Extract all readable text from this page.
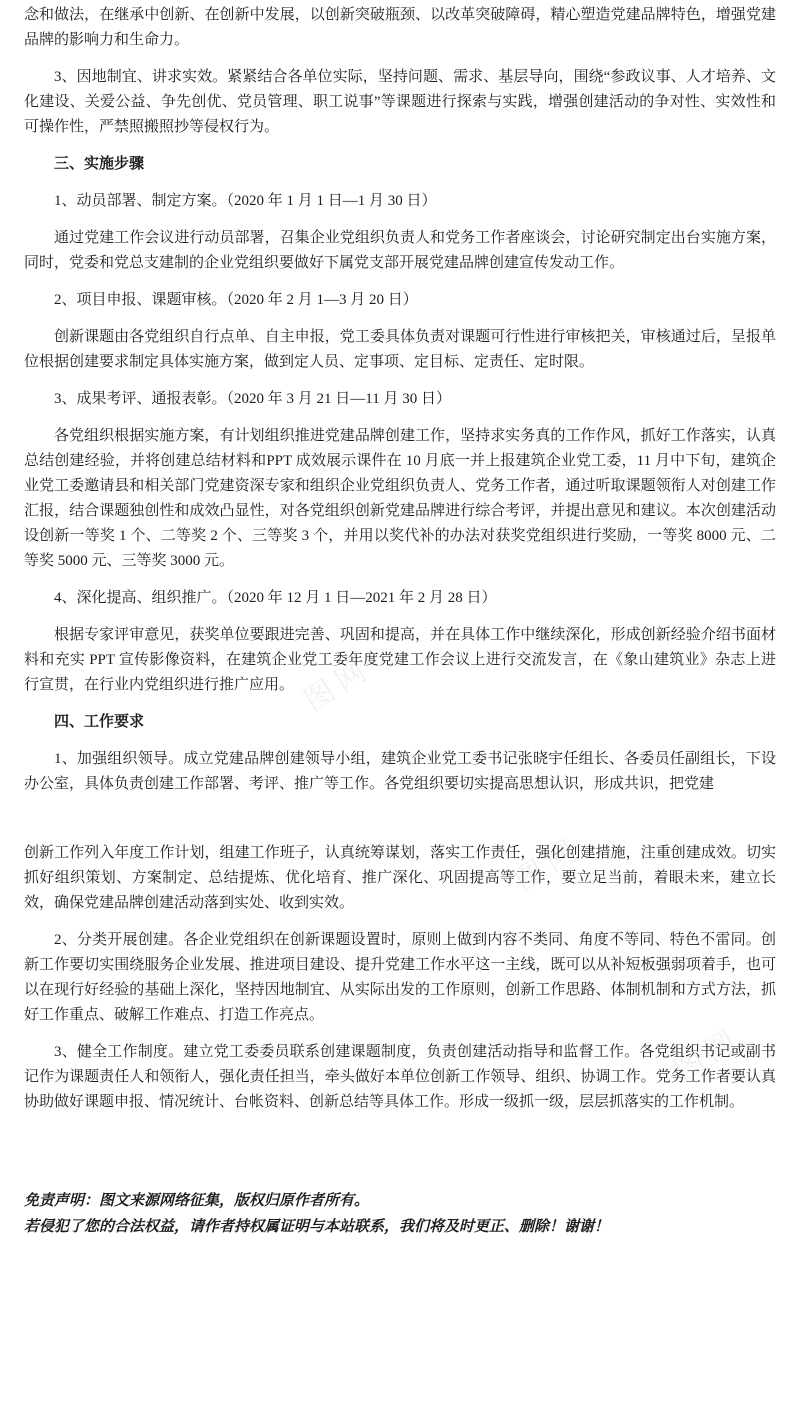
图网
图网
图网

念和做法，在继承中创新、在创新中发展，以创新突破瓶颈、以改革突破障碍，精心塑造党建品牌特色，增强党建品牌的影响力和生命力。

3、因地制宜、讲求实效。紧紧结合各单位实际，坚持问题、需求、基层导向，围绕“参政议事、人才培养、文化建设、关爱公益、争先创优、党员管理、职工说事”等课题进行探索与实践，增强创建活动的争对性、实效性和可操作性，严禁照搬照抄等侵权行为。

三、实施步骤

1、动员部署、制定方案。（2020 年 1 月 1 日—1 月 30 日）

通过党建工作会议进行动员部署，召集企业党组织负责人和党务工作者座谈会，讨论研究制定出台实施方案，同时，党委和党总支建制的企业党组织要做好下属党支部开展党建品牌创建宣传发动工作。

2、项目申报、课题审核。（2020 年 2 月 1—3 月 20 日）

创新课题由各党组织自行点单、自主申报，党工委具体负责对课题可行性进行审核把关，审核通过后，呈报单位根据创建要求制定具体实施方案，做到定人员、定事项、定目标、定责任、定时限。

3、成果考评、通报表彰。（2020 年 3 月 21 日—11 月 30 日）

各党组织根据实施方案，有计划组织推进党建品牌创建工作，坚持求实务真的工作作风，抓好工作落实，认真总结创建经验，并将创建总结材料和PPT 成效展示课件在 10 月底一并上报建筑企业党工委，11 月中下旬，建筑企业党工委邀请县和相关部门党建资深专家和组织企业党组织负责人、党务工作者，通过听取课题领衔人对创建工作汇报，结合课题独创性和成效凸显性，对各党组织创新党建品牌进行综合考评，并提出意见和建议。本次创建活动设创新一等奖 1 个、二等奖 2 个、三等奖 3 个，并用以奖代补的办法对获奖党组织进行奖励，一等奖 8000 元、二等奖 5000 元、三等奖 3000 元。

4、深化提高、组织推广。（2020 年 12 月 1 日—2021 年 2 月 28 日）

根据专家评审意见，获奖单位要跟进完善、巩固和提高，并在具体工作中继续深化，形成创新经验介绍书面材料和充实 PPT 宣传影像资料，在建筑企业党工委年度党建工作会议上进行交流发言，在《象山建筑业》杂志上进行宣贯，在行业内党组织进行推广应用。

四、工作要求

1、加强组织领导。成立党建品牌创建领导小组，建筑企业党工委书记张晓宇任组长、各委员任副组长，下设办公室，具体负责创建工作部署、考评、推广等工作。各党组织要切实提高思想认识，形成共识，把党建

创新工作列入年度工作计划，组建工作班子，认真统筹谋划，落实工作责任，强化创建措施，注重创建成效。切实抓好组织策划、方案制定、总结提炼、优化培育、推广深化、巩固提高等工作，要立足当前，着眼未来，建立长效，确保党建品牌创建活动落到实处、收到实效。

2、分类开展创建。各企业党组织在创新课题设置时，原则上做到内容不类同、角度不等同、特色不雷同。创新工作要切实围绕服务企业发展、推进项目建设、提升党建工作水平这一主线，既可以从补短板强弱项着手，也可以在现行好经验的基础上深化，坚持因地制宜、从实际出发的工作原则，创新工作思路、体制机制和方式方法，抓好工作重点、破解工作难点、打造工作亮点。

3、健全工作制度。建立党工委委员联系创建课题制度，负责创建活动指导和监督工作。各党组织书记或副书记作为课题责任人和领衔人，强化责任担当，牵头做好本单位创新工作领导、组织、协调工作。党务工作者要认真协助做好课题申报、情况统计、台帐资料、创新总结等具体工作。形成一级抓一级，层层抓落实的工作机制。

免责声明：图文来源网络征集，版权归原作者所有。

若侵犯了您的合法权益，请作者持权属证明与本站联系，我们将及时更正、删除！谢谢！
